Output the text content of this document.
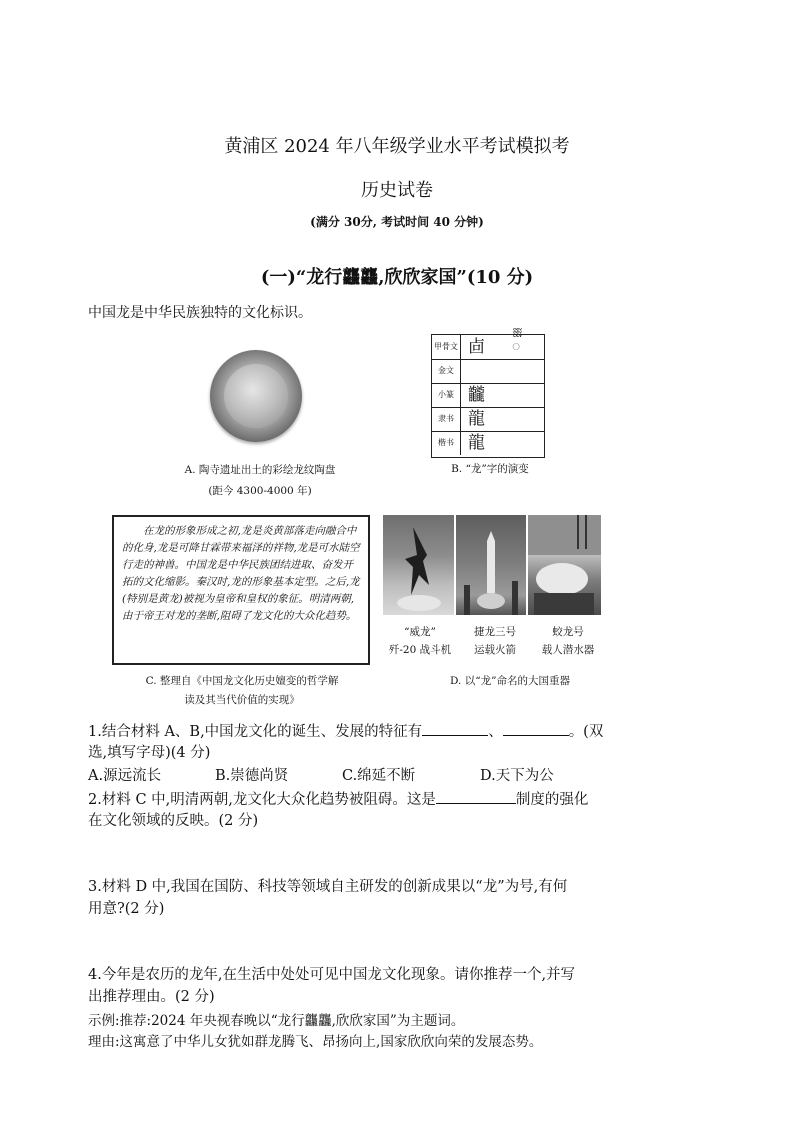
黄浦区 2024 年八年级学业水平考试模拟考
历史试卷
(满分 30分, 考试时间 40 分钟)
(一)“龙行龘龘,欣欣家国”(10 分)
中国龙是中华民族独特的文化标识。
A. 陶寺遗址出土的彩绘龙纹陶盘
(距今 4300-4000 年)
甲骨文 㔽 ᢆ
金文
小篆 龖
隶书 龍
楷书 龍
B. “龙”字的演变
在龙的形象形成之初,龙是炎黄部落走向融合中的化身,龙是可降甘霖带来福泽的祥物,龙是可水陆空行走的神兽。中国龙是中华民族团结进取、奋发开拓的文化缩影。秦汉时,龙的形象基本定型。之后,龙(特别是黄龙)被视为皇帝和皇权的象征。明清两朝,由于帝王对龙的垄断,阻碍了龙文化的大众化趋势。
C. 整理自《中国龙文化历史嬗变的哲学解
读及其当代价值的实现》
“威龙”
歼-20 战斗机
捷龙三号
运载火箭
蛟龙号
载人潜水器
D. 以“龙”命名的大国重器
1.结合材料 A、B,中国龙文化的诞生、发展的特征有	、	。(双
选,填写字母)(4 分)
A.源远流长	B.崇德尚贤	C.绵延不断	D.天下为公
2.材料 C 中,明清两朝,龙文化大众化趋势被阻碍。这是	制度的强化
在文化领域的反映。(2 分)
3.材料 D 中,我国在国防、科技等领域自主研发的创新成果以“龙”为号,有何
用意?(2 分)
4.今年是农历的龙年,在生活中处处可见中国龙文化现象。请你推荐一个,并写
出推荐理由。(2 分)
示例:推荐:2024 年央视春晚以“龙行龘龘,欣欣家国”为主题词。
理由:这寓意了中华儿女犹如群龙腾飞、昂扬向上,国家欣欣向荣的发展态势。
